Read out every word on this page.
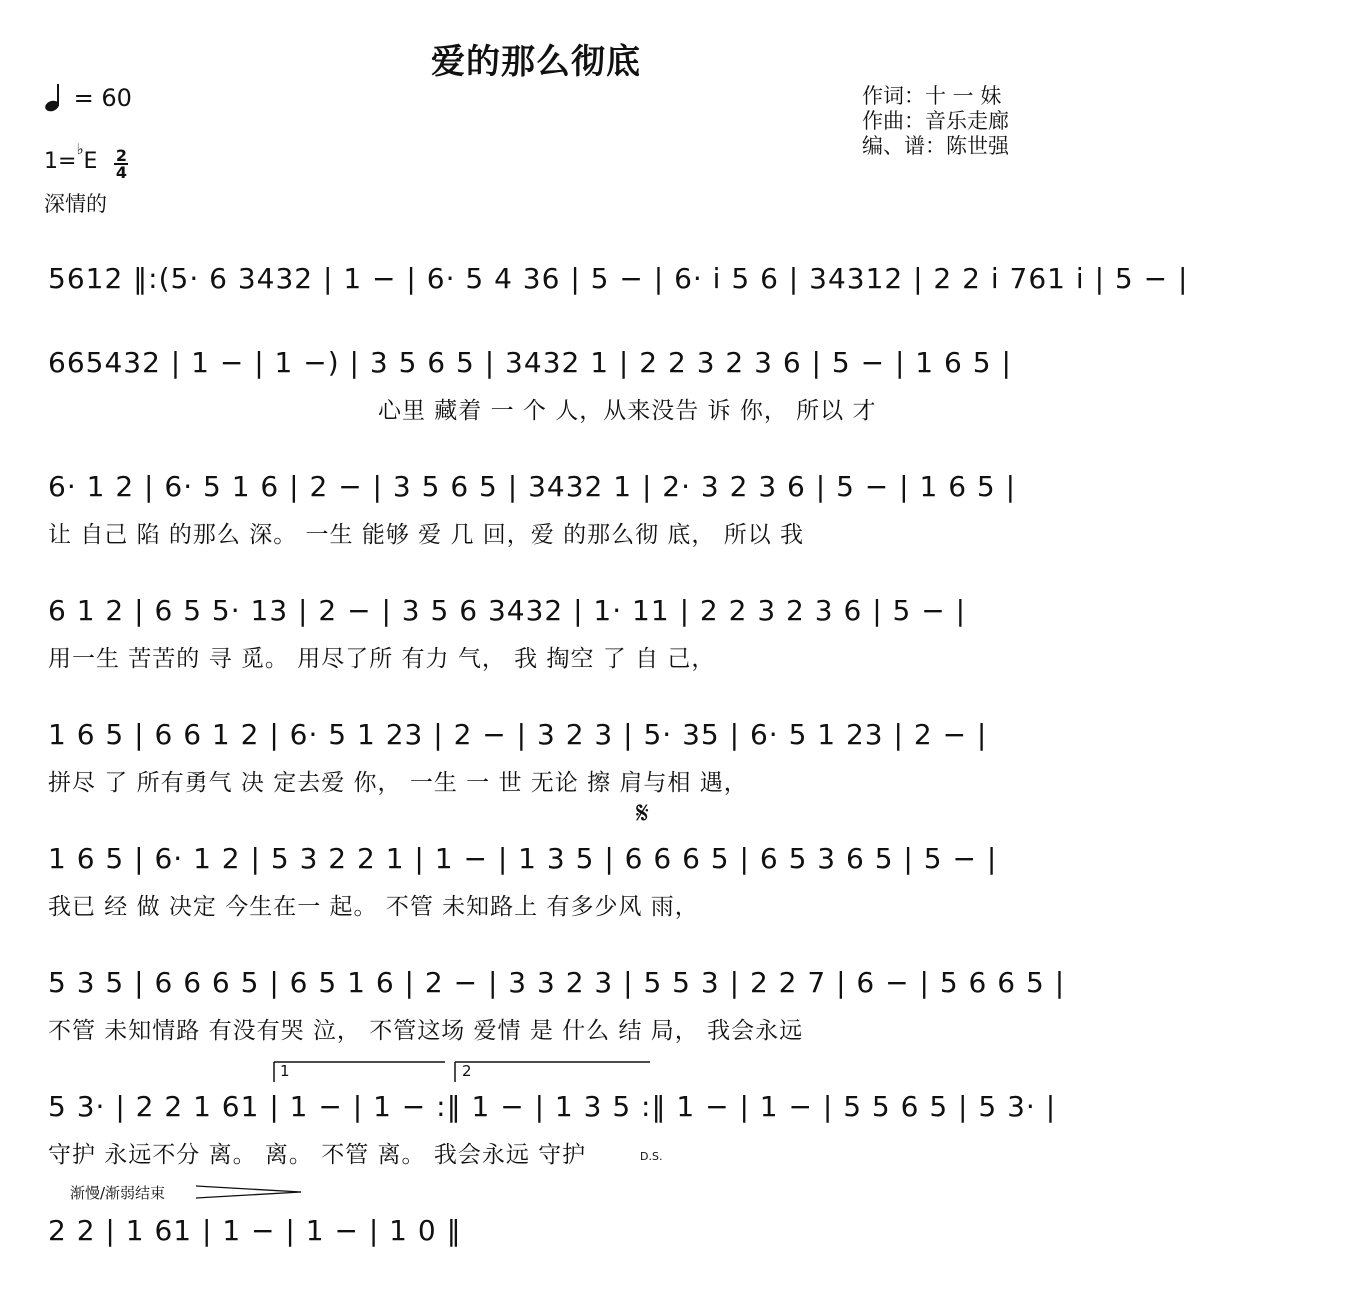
爱的那么彻底
= 60
$1=^♭E \frac{2}{4}$
深情的
作词：十 一 妹
作曲：音乐走廊
编、谱：陈世强
5612 ‖:(5· 6 3432 | 1 − | 6· 5 4 36 | 5 − | 6· i 5 6 | 34312 | 2 2 i 761 i | 5 − |
665432 | 1 − | 1 −) | 3 5 6 5 | 3432 1 | 2 2 3 2 3 6 | 5 − | 1 6 5 |
心里 藏着 一 个 人，从来没告 诉 你， 所以 才
6· 1 2 | 6· 5 1 6 | 2 − | 3 5 6 5 | 3432 1 | 2· 3 2 3 6 | 5 − | 1 6 5 |
让 自己 陷 的那么 深。 一生 能够 爱 几 回，爱 的那么彻 底， 所以 我
6 1 2 | 6 5 5· 13 | 2 − | 3 5 6 3432 | 1· 11 | 2 2 3 2 3 6 | 5 − |
用一生 苦苦的 寻 觅。 用尽了所 有力 气， 我 掏空 了 自 己，
1 6 5 | 6 6 1 2 | 6· 5 1 23 | 2 − | 3 2 3 | 5· 35 | 6· 5 1 23 | 2 − |
拼尽 了 所有勇气 决 定去爱 你， 一生 一 世 无论 擦 肩与相 遇，
𝄋
1 6 5 | 6· 1 2 | 5 3 2 2 1 | 1 − | 1 3 5 | 6 6 6 5 | 6 5 3 6 5 | 5 − |
我已 经 做 决定 今生在一 起。 不管 未知路上 有多少风 雨，
5 3 5 | 6 6 6 5 | 6 5 1 6 | 2 − | 3 3 2 3 | 5 5 3 | 2 2 7 | 6 − | 5 6 6 5 |
不管 未知情路 有没有哭 泣， 不管这场 爱情 是 什么 结 局， 我会永远
1	2
5 3· | 2 2 1 61 | 1 − | 1 − :‖ 1 − | 1 3 5 :‖ 1 − | 1 − | 5 5 6 5 | 5 3· |
守护 永远不分 离。 离。 不管 离。 我会永远 守护	D.S.
渐慢/渐弱结束
2 2 | 1 61 | 1 − | 1 − | 1 0 ‖
